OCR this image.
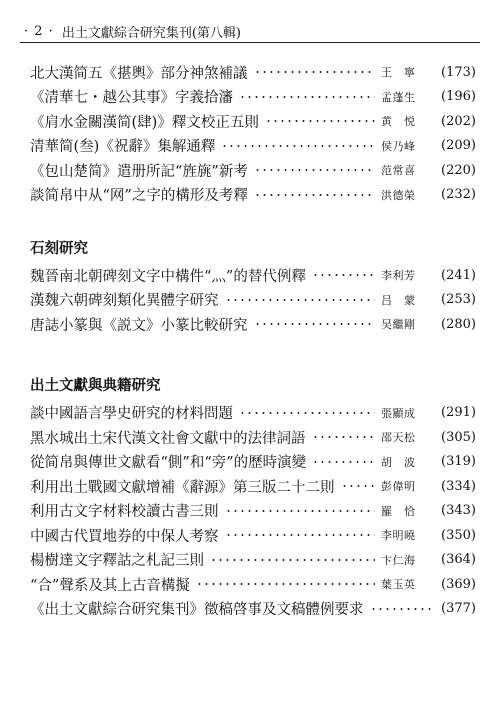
· 2 · 出土文獻綜合研究集刊(第八輯)
北大漢简五《揕輿》部分神煞補議	王　寧	(173)
《清華七・越公其事》字義拾瀋	孟蓬生	(196)
《肩水金關漢简(肆)》釋文校正五則	黄　悦	(202)
清華简(叁)《祝辭》集解通釋	侯乃峰	(209)
《包山楚简》遣册所記“旌旐”新考	范常喜	(220)
談简帛中从“网”之字的構形及考釋	洪德榮	(232)
石刻研究
魏晉南北朝碑刻文字中構件“灬”的替代例釋	李利芳	(241)
漢魏六朝碑刻類化異體字研究	吕　蒙	(253)
唐誌小篆與《説文》小篆比較研究	吴繼剛	(280)
出土文獻與典籍研究
談中國語言學史研究的材料問題	張顯成	(291)
黑水城出土宋代漢文社會文獻中的法律詞語	邵天松	(305)
從简帛與傳世文獻看“側”和“旁”的歷時演變	胡　波	(319)
利用出土戰國文獻增補《辭源》第三版二十二則	彭偉明	(334)
利用古文字材料校讀古書三則	羅　恰	(343)
中國古代買地券的中保人考察	李明曉	(350)
楊樹達文字釋詁之札記三則	卞仁海	(364)
“合”聲系及其上古音構擬	葉玉英	(369)
《出土文獻綜合研究集刊》徵稿啓事及文稿體例要求	(377)
